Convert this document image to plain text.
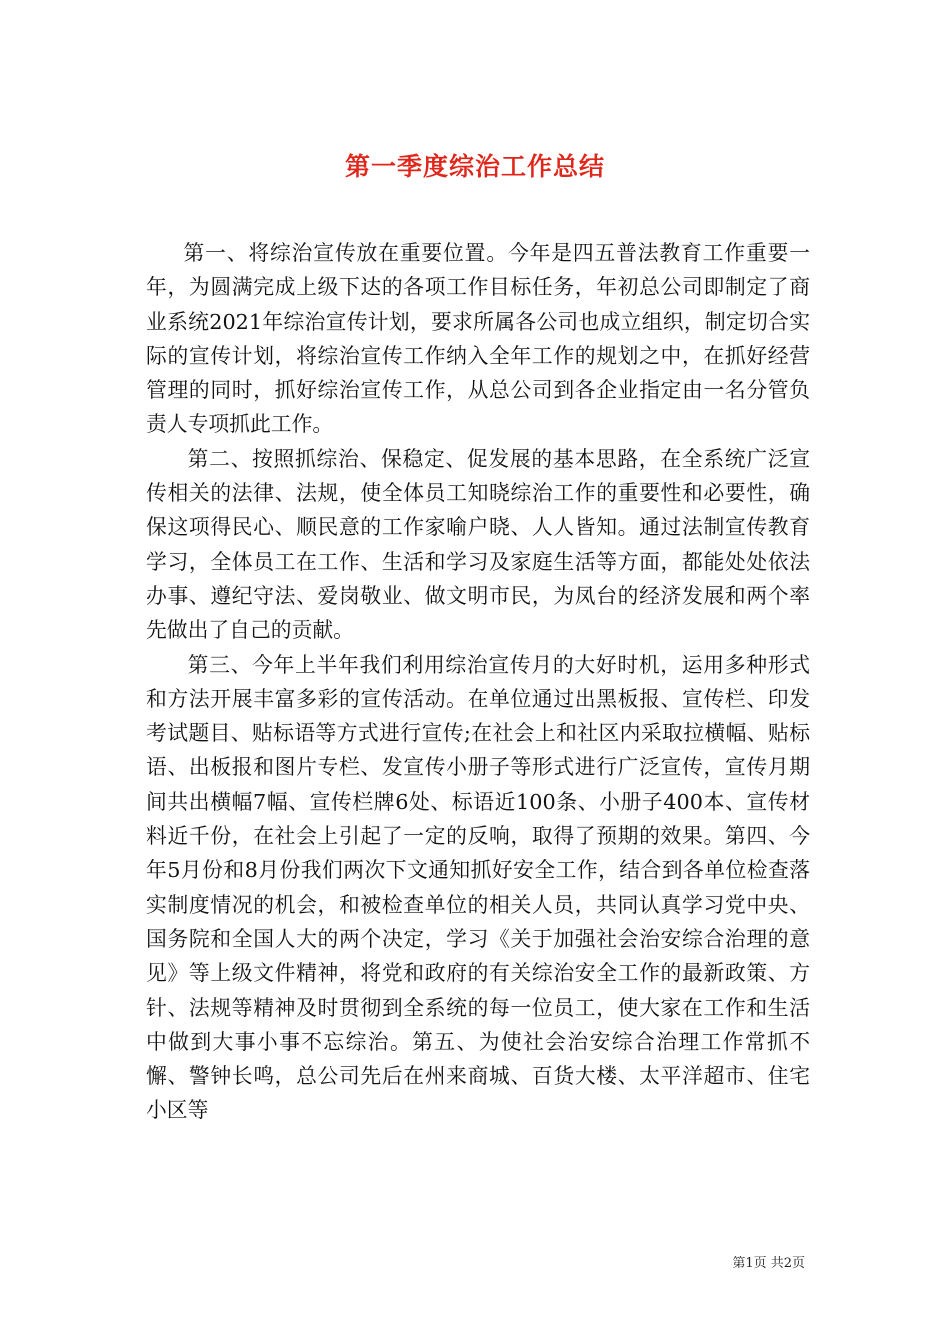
第一季度综治工作总结

第一、将综治宣传放在重要位置。今年是四五普法教育工作重要一年，为圆满完成上级下达的各项工作目标任务，年初总公司即制定了商业系统2021年综治宣传计划，要求所属各公司也成立组织，制定切合实际的宣传计划，将综治宣传工作纳入全年工作的规划之中，在抓好经营管理的同时，抓好综治宣传工作，从总公司到各企业指定由一名分管负责人专项抓此工作。

第二、按照抓综治、保稳定、促发展的基本思路，在全系统广泛宣传相关的法律、法规，使全体员工知晓综治工作的重要性和必要性，确保这项得民心、顺民意的工作家喻户晓、人人皆知。通过法制宣传教育学习，全体员工在工作、生活和学习及家庭生活等方面，都能处处依法办事、遵纪守法、爱岗敬业、做文明市民，为凤台的经济发展和两个率先做出了自己的贡献。

第三、今年上半年我们利用综治宣传月的大好时机，运用多种形式和方法开展丰富多彩的宣传活动。在单位通过出黑板报、宣传栏、印发考试题目、贴标语等方式进行宣传;在社会上和社区内采取拉横幅、贴标语、出板报和图片专栏、发宣传小册子等形式进行广泛宣传，宣传月期间共出横幅7幅、宣传栏牌6处、标语近100条、小册子400本、宣传材料近千份，在社会上引起了一定的反响，取得了预期的效果。第四、今年5月份和8月份我们两次下文通知抓好安全工作，结合到各单位检查落实制度情况的机会，和被检查单位的相关人员，共同认真学习党中央、国务院和全国人大的两个决定，学习《关于加强社会治安综合治理的意见》等上级文件精神，将党和政府的有关综治安全工作的最新政策、方针、法规等精神及时贯彻到全系统的每一位员工，使大家在工作和生活中做到大事小事不忘综治。第五、为使社会治安综合治理工作常抓不懈、警钟长鸣，总公司先后在州来商城、百货大楼、太平洋超市、住宅小区等

第1页 共2页
